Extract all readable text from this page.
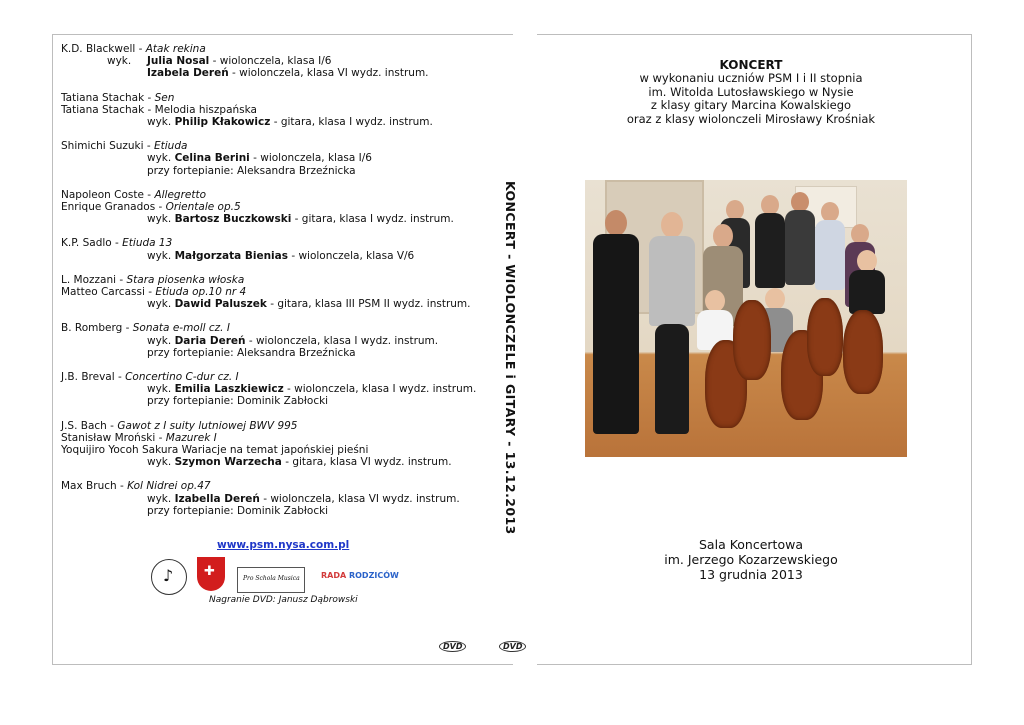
K.D. Blackwell - Atak rekina
wyk.	Julia Nosal - wiolonczela, klasa I/6
Izabela Dereń - wiolonczela, klasa VI wydz. instrum.
Tatiana Stachak - Sen
Tatiana Stachak - Melodia hiszpańska
wyk. Philip Kłakowicz - gitara, klasa I wydz. instrum.
Shimichi Suzuki - Etiuda
wyk. Celina Berini - wiolonczela, klasa I/6
przy fortepianie: Aleksandra Brzeźnicka
Napoleon Coste - Allegretto
Enrique Granados - Orientale op.5
wyk. Bartosz Buczkowski - gitara, klasa I wydz. instrum.
K.P. Sadlo - Etiuda 13
wyk. Małgorzata Bienias - wiolonczela, klasa V/6
L. Mozzani - Stara piosenka włoska
Matteo Carcassi - Etiuda op.10 nr 4
wyk. Dawid Paluszek - gitara, klasa III PSM II wydz. instrum.
B. Romberg - Sonata e-moll cz. I
wyk. Daria Dereń - wiolonczela, klasa I wydz. instrum.
przy fortepianie: Aleksandra Brzeźnicka
J.B. Breval - Concertino C-dur cz. I
wyk. Emilia Laszkiewicz - wiolonczela, klasa I wydz. instrum.
przy fortepianie: Dominik Zabłocki
J.S. Bach - Gawot z I suity lutniowej BWV 995
Stanisław Mroński - Mazurek I
Yoquijiro Yocoh Sakura Wariacje na temat japońskiej pieśni
wyk. Szymon Warzecha - gitara, klasa VI wydz. instrum.
Max Bruch - Kol Nidrei op.47
wyk. Izabella Dereń - wiolonczela, klasa VI wydz. instrum.
przy fortepianie: Dominik Zabłocki	KONCERT - WIOLONCZELE i GITARY - 13.12.2013
KONCERT
w wykonaniu uczniów PSM I i II stopnia
im. Witolda Lutosławskiego w Nysie
z klasy gitary Marcina Kowalskiego
oraz z klasy wiolonczeli Mirosławy Krośniak
Sala Koncertowa
im. Jerzego Kozarzewskiego
13 grudnia 2013
www.psm.nysa.com.pl
♪
✚
Pro Schola Musica
RADA RODZICÓW
Nagranie DVD: Janusz Dąbrowski
DVD	DVD
